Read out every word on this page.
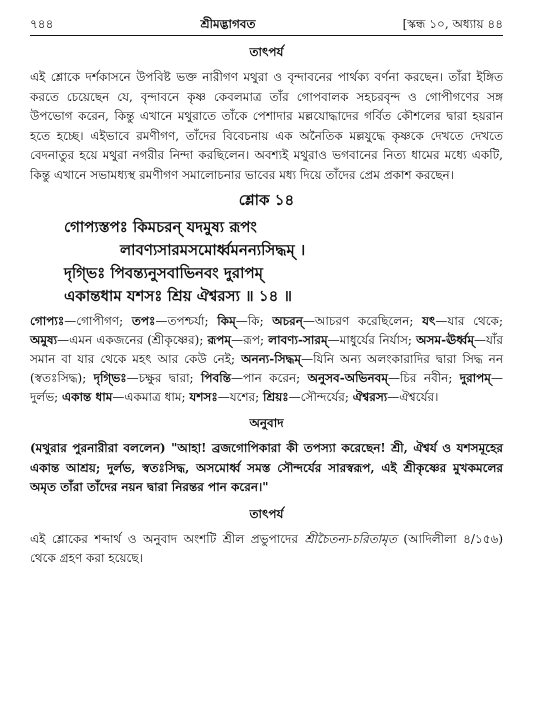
৭৪৪	শ্রীমদ্ভাগবত	[স্কন্ধ ১০, অধ্যায় ৪৪
তাৎপর্য

এই শ্লোকে দর্শকাসনে উপবিষ্ট ভক্ত নারীগণ মথুরা ও বৃন্দাবনের পার্থক্য বর্ণনা করছেন। তাঁরা ইঙ্গিত করতে চেয়েছেন যে, বৃন্দাবনে কৃষ্ণ কেবলমাত্র তাঁর গোপবালক সহচরবৃন্দ ও গোপীগণের সঙ্গ উপভোগ করেন, কিন্তু এখানে মথুরাতে তাঁকে পেশাদার মল্লযোদ্ধাদের গর্বিত কৌশলের দ্বারা হয়রান হতে হচ্ছে। এইভাবে রমণীগণ, তাঁদের বিবেচনায় এক অনৈতিক মল্লযুদ্ধে কৃষ্ণকে দেখতে দেখতে বেদনাতুর হয়ে মথুরা নগরীর নিন্দা করছিলেন। অবশ্যই মথুরাও ভগবানের নিত্য ধামের মধ্যে একটি, কিন্তু এখানে সভামধ্যস্থ রমণীগণ সমালোচনার ভাবের মধ্য দিয়ে তাঁদের প্রেম প্রকাশ করছেন।

শ্লোক ১৪
গোপ্যস্তপঃ কিমচরন্ যদমুষ্য রূপং
লাবণ্যসারমসমোর্ধ্বমনন্যসিদ্ধম্ ।
দৃগ্ভিঃ পিবন্ত্যনুসবাভিনবং দুরাপম্
একান্তধাম যশসঃ শ্রিয় ঐশ্বরস্য ॥ ১৪ ॥
গোপ্যঃ—গোপীগণ; তপঃ—তপশ্চর্যা; কিম্—কি; অচরন্—আচরণ করেছিলেন; যৎ—যার থেকে; অমুষ্য—এমন একজনের (শ্রীকৃষ্ণের); রূপম্—রূপ; লাবণ্য-সারম্—মাধুর্যের নির্যাস; অসম-ঊর্ধ্বম্—যাঁর সমান বা যার থেকে মহৎ আর কেউ নেই; অনন্য-সিদ্ধম্—যিনি অন্য অলংকারাদির দ্বারা সিদ্ধ নন (স্বতঃসিদ্ধ); দৃগ্ভিঃ—চক্ষুর দ্বারা; পিবন্তি—পান করেন; অনুসব-অভিনবম্—চির নবীন; দুরাপম্—দুর্লভ; একান্ত ধাম—একমাত্র ধাম; যশসঃ—যশের; শ্রিয়ঃ—সৌন্দর্যের; ঐশ্বরস্য—ঐশ্বর্যের।
অনুবাদ

(মথুরার পুরনারীরা বললেন) "আহা! ব্রজগোপিকারা কী তপস্যা করেছেন! শ্রী, ঐশ্বর্য ও যশসমূহের একান্ত আশ্রয়; দুর্লভ, স্বতঃসিদ্ধ, অসমোর্ধ্ব সমস্ত সৌন্দর্যের সারস্বরূপ, এই শ্রীকৃষ্ণের মুখকমলের অমৃত তাঁরা তাঁদের নয়ন দ্বারা নিরন্তর পান করেন।"

তাৎপর্য

এই শ্লোকের শব্দার্থ ও অনুবাদ অংশটি শ্রীল প্রভুপাদের শ্রীচৈতন্য-চরিতামৃত (আদিলীলা ৪/১৫৬) থেকে গ্রহণ করা হয়েছে।
